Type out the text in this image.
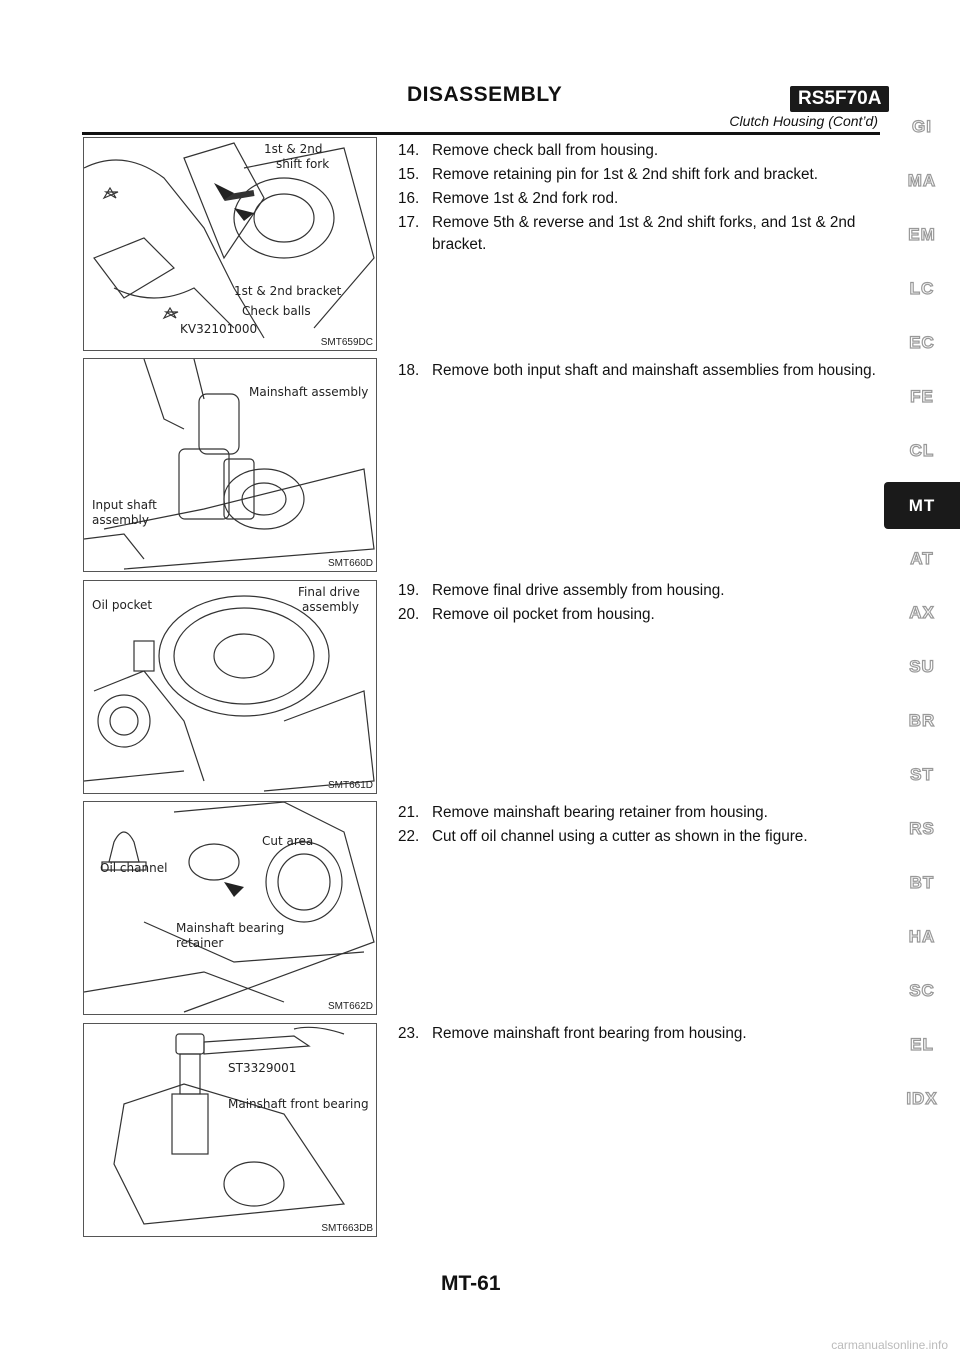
DISASSEMBLY	RS5F70A
Clutch Housing (Cont’d)
1st & 2nd
shift fork
1st & 2nd bracket
Check balls
KV32101000
SMT659DC
Mainshaft assembly
Input shaft
assembly
SMT660D
Oil pocket
Final drive
assembly
SMT661D
Cut area
Oil channel
Mainshaft bearing
retainer
SMT662D
ST3329001
Mainshaft front bearing
SMT663DB
14. Remove check ball from housing.
15. Remove retaining pin for 1st & 2nd shift fork and bracket.
16. Remove 1st & 2nd fork rod.
17. Remove 5th & reverse and 1st & 2nd shift forks, and 1st & 2nd bracket.
18. Remove both input shaft and mainshaft assemblies from housing.
19. Remove final drive assembly from housing.
20. Remove oil pocket from housing.
21. Remove mainshaft bearing retainer from housing.
22. Cut off oil channel using a cutter as shown in the figure.
23. Remove mainshaft front bearing from housing.
GI
MA
EM
LC
EC
FE
CL
MT
AT
AX
SU
BR
ST
RS
BT
HA
SC
EL
IDX
MT-61
carmanualsonline.info
